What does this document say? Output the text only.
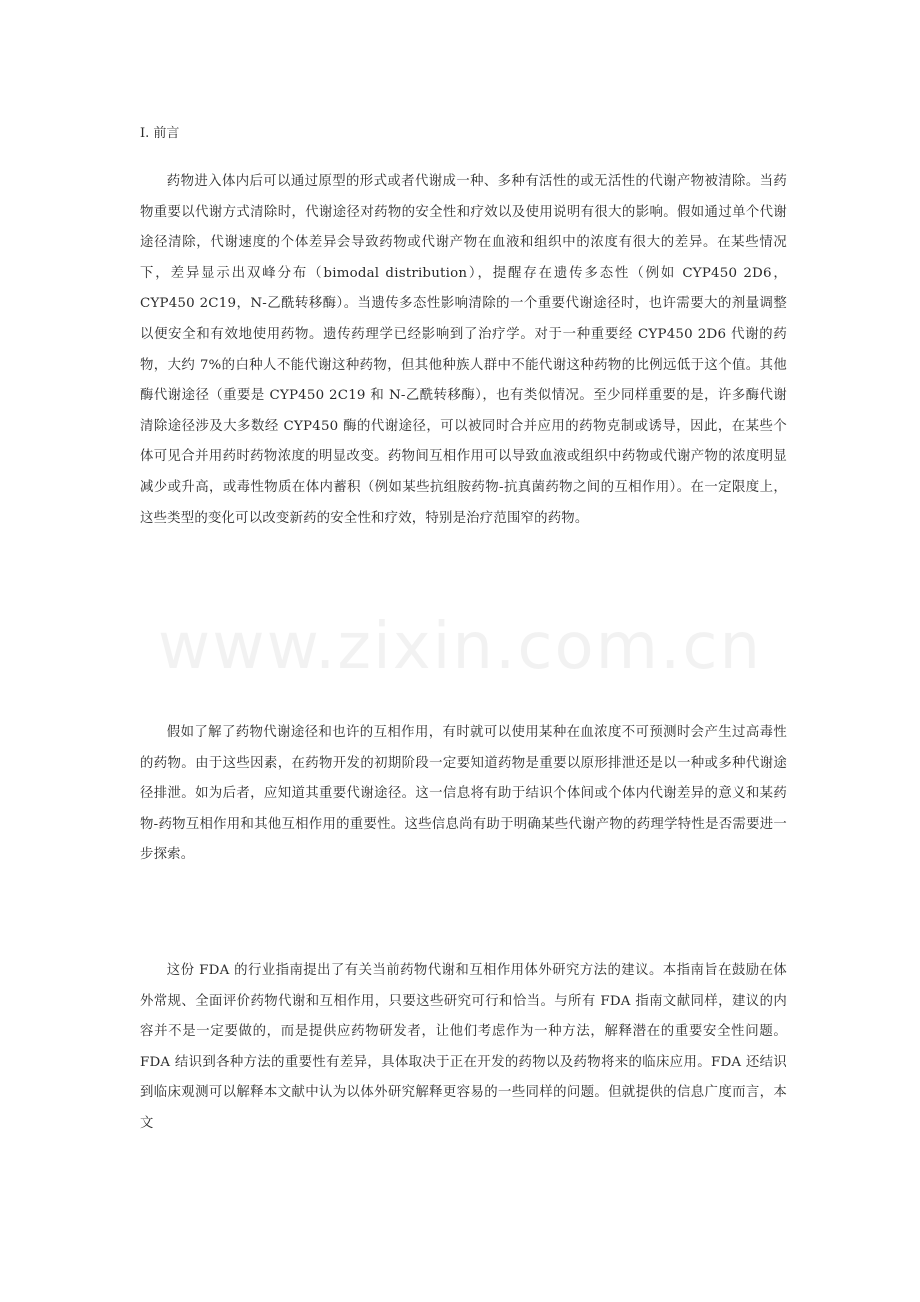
I. 前言

药物进入体内后可以通过原型的形式或者代谢成一种、多种有活性的或无活性的代谢产物被清除。当药物重要以代谢方式清除时，代谢途径对药物的安全性和疗效以及使用说明有很大的影响。假如通过单个代谢途径清除，代谢速度的个体差异会导致药物或代谢产物在血液和组织中的浓度有很大的差异。在某些情况下，差异显示出双峰分布（bimodal distribution），提醒存在遗传多态性（例如 CYP450 2D6，CYP450 2C19，N-乙酰转移酶）。当遗传多态性影响清除的一个重要代谢途径时，也许需要大的剂量调整以便安全和有效地使用药物。遗传药理学已经影响到了治疗学。对于一种重要经 CYP450 2D6 代谢的药物，大约 7%的白种人不能代谢这种药物，但其他种族人群中不能代谢这种药物的比例远低于这个值。其他酶代谢途径（重要是 CYP450 2C19 和 N-乙酰转移酶），也有类似情况。至少同样重要的是，许多酶代谢清除途径涉及大多数经 CYP450 酶的代谢途径，可以被同时合并应用的药物克制或诱导，因此，在某些个体可见合并用药时药物浓度的明显改变。药物间互相作用可以导致血液或组织中药物或代谢产物的浓度明显减少或升高，或毒性物质在体内蓄积（例如某些抗组胺药物-抗真菌药物之间的互相作用）。在一定限度上，这些类型的变化可以改变新药的安全性和疗效，特别是治疗范围窄的药物。

假如了解了药物代谢途径和也许的互相作用，有时就可以使用某种在血浓度不可预测时会产生过高毒性的药物。由于这些因素，在药物开发的初期阶段一定要知道药物是重要以原形排泄还是以一种或多种代谢途径排泄。如为后者，应知道其重要代谢途径。这一信息将有助于结识个体间或个体内代谢差异的意义和某药物-药物互相作用和其他互相作用的重要性。这些信息尚有助于明确某些代谢产物的药理学特性是否需要进一步探索。

这份 FDA 的行业指南提出了有关当前药物代谢和互相作用体外研究方法的建议。本指南旨在鼓励在体外常规、全面评价药物代谢和互相作用，只要这些研究可行和恰当。与所有 FDA 指南文献同样，建议的内容并不是一定要做的，而是提供应药物研发者，让他们考虑作为一种方法，解释潜在的重要安全性问题。FDA 结识到各种方法的重要性有差异，具体取决于正在开发的药物以及药物将来的临床应用。FDA 还结识到临床观测可以解释本文献中认为以体外研究解释更容易的一些同样的问题。但就提供的信息广度而言，本文

www.zixin.com.cn
